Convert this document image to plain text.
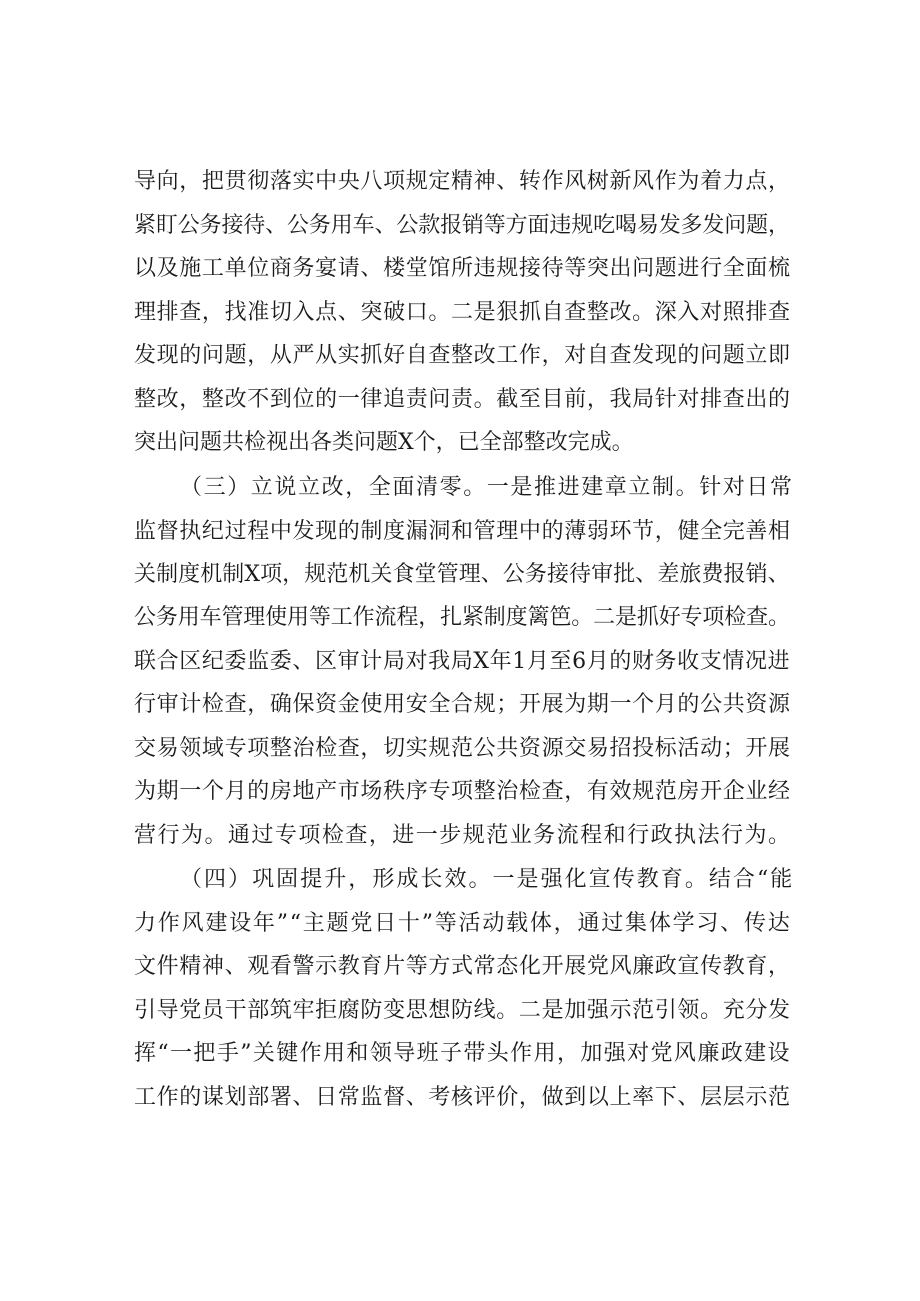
导向，把贯彻落实中央八项规定精神、转作风树新风作为着力点，
紧盯公务接待、公务用车、公款报销等方面违规吃喝易发多发问题，
以及施工单位商务宴请、楼堂馆所违规接待等突出问题进行全面梳
理排查，找准切入点、突破口。二是狠抓自查整改。深入对照排查
发现的问题，从严从实抓好自查整改工作，对自查发现的问题立即
整改，整改不到位的一律追责问责。截至目前，我局针对排查出的
突出问题共检视出各类问题X个，已全部整改完成。
（三）立说立改，全面清零。一是推进建章立制。针对日常
监督执纪过程中发现的制度漏洞和管理中的薄弱环节，健全完善相
关制度机制X项，规范机关食堂管理、公务接待审批、差旅费报销、
公务用车管理使用等工作流程，扎紧制度篱笆。二是抓好专项检查。
联合区纪委监委、区审计局对我局X年1月至6月的财务收支情况进
行审计检查，确保资金使用安全合规；开展为期一个月的公共资源
交易领域专项整治检查，切实规范公共资源交易招投标活动；开展
为期一个月的房地产市场秩序专项整治检查，有效规范房开企业经
营行为。通过专项检查，进一步规范业务流程和行政执法行为。
（四）巩固提升，形成长效。一是强化宣传教育。结合“能
力作风建设年”“主题党日十”等活动载体，通过集体学习、传达
文件精神、观看警示教育片等方式常态化开展党风廉政宣传教育，
引导党员干部筑牢拒腐防变思想防线。二是加强示范引领。充分发
挥“一把手”关键作用和领导班子带头作用，加强对党风廉政建设
工作的谋划部署、日常监督、考核评价，做到以上率下、层层示范
